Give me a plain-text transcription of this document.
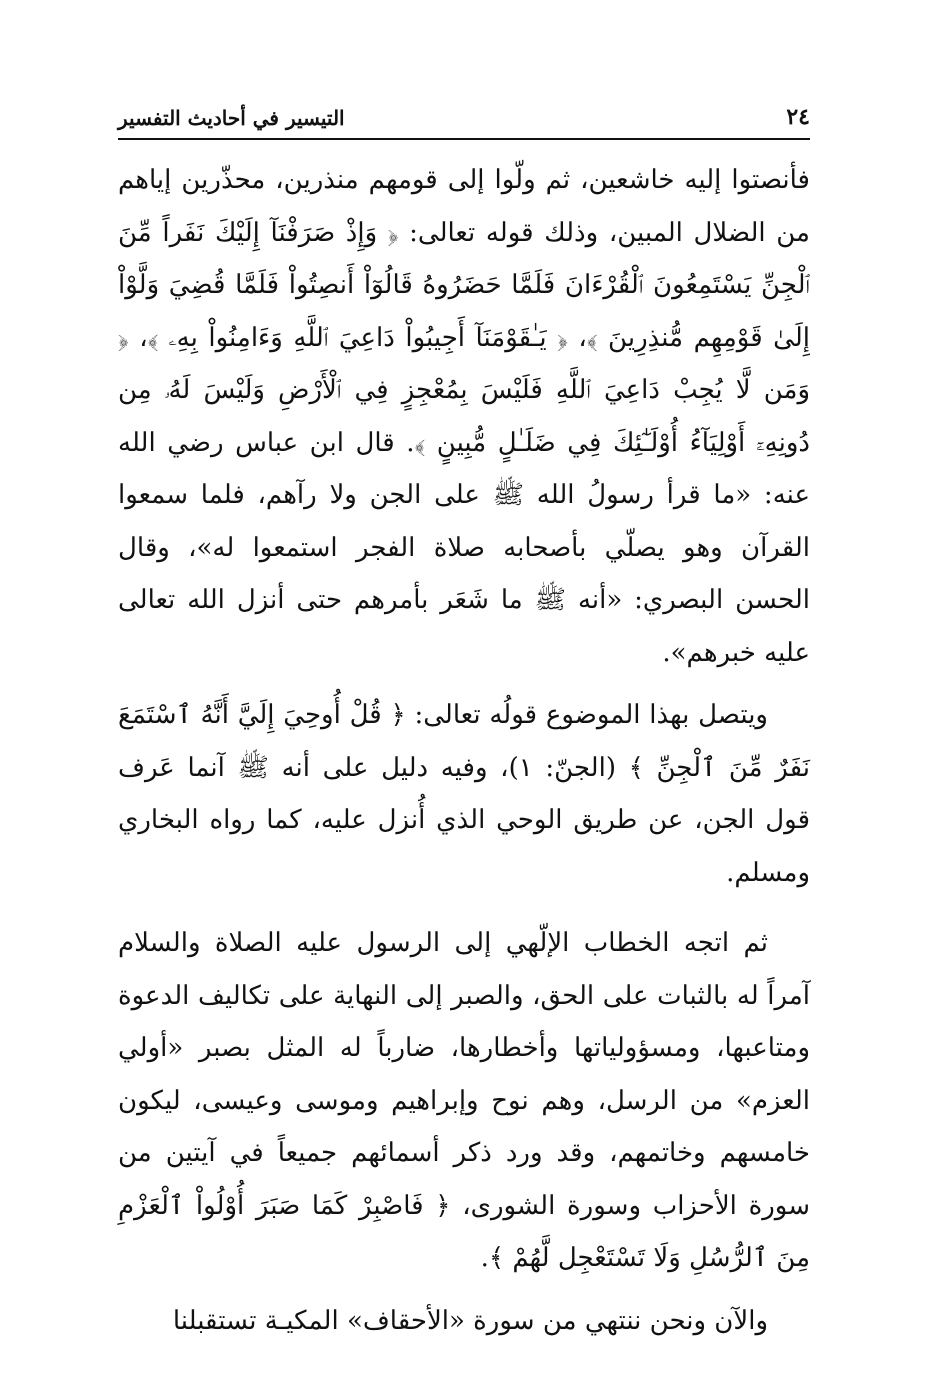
٢٤
التيسير في أحاديث التفسير

فأنصتوا إليه خاشعين، ثم ولّوا إلى قومهم منذرين، محذّرين إياهم من الضلال المبين، وذلك قوله تعالى: ﴿ وَإِذْ صَرَفْنَآ إِلَيْكَ نَفَراً مِّنَ ٱلْجِنِّ يَسْتَمِعُونَ ٱلْقُرْءَانَ فَلَمَّا حَضَرُوهُ قَالُوٓاْ أَنصِتُواْ فَلَمَّا قُضِيَ وَلَّوْاْ إِلَىٰ قَوْمِهِم مُّنذِرِينَ ﴾، ﴿ يَـٰقَوْمَنَآ أَجِيبُواْ دَاعِيَ ٱللَّهِ وَءَامِنُواْ بِهِۦ ﴾، ﴿ وَمَن لَّا يُجِبْ دَاعِيَ ٱللَّهِ فَلَيْسَ بِمُعْجِزٍ فِي ٱلْأَرْضِ وَلَيْسَ لَهُۥ مِن دُونِهِۦٓ أَوْلِيَآءُ أُوْلَـٰٓئِكَ فِي ضَلَـٰلٍ مُّبِينٍ ﴾. قال ابن عباس رضي الله عنه: «ما قرأ رسولُ الله ﷺ على الجن ولا رآهم، فلما سمعوا القرآن وهو يصلّي بأصحابه صلاة الفجر استمعوا له»، وقال الحسن البصري: «أنه ﷺ ما شَعَر بأمرهم حتى أنزل الله تعالى عليه خبرهم».

ويتصل بهذا الموضوع قولُه تعالى: ﴿ قُلْ أُوحِيَ إِلَيَّ أَنَّهُ ٱسْتَمَعَ نَفَرٌ مِّنَ ٱلْجِنِّ ﴾ (الجنّ: ١)، وفيه دليل على أنه ﷺ آنما عَرف قول الجن، عن طريق الوحي الذي أُنزل عليه، كما رواه البخاري ومسلم.

ثم اتجه الخطاب الإلّهي إلى الرسول عليه الصلاة والسلام آمراً له بالثبات على الحق، والصبر إلى النهاية على تكاليف الدعوة ومتاعبها، ومسؤولياتها وأخطارها، ضارباً له المثل بصبر «أولي العزم» من الرسل، وهم نوح وإبراهيم وموسى وعيسى، ليكون خامسهم وخاتمهم، وقد ورد ذكر أسمائهم جميعاً في آيتين من سورة الأحزاب وسورة الشورى، ﴿ فَاصْبِرْ كَمَا صَبَرَ أُوْلُواْ ٱلْعَزْمِ مِنَ ٱلرُّسُلِ وَلَا تَسْتَعْجِل لَّهُمْ ﴾.

والآن ونحن ننتهي من سورة «الأحقاف» المكيـة تستقبلنا
